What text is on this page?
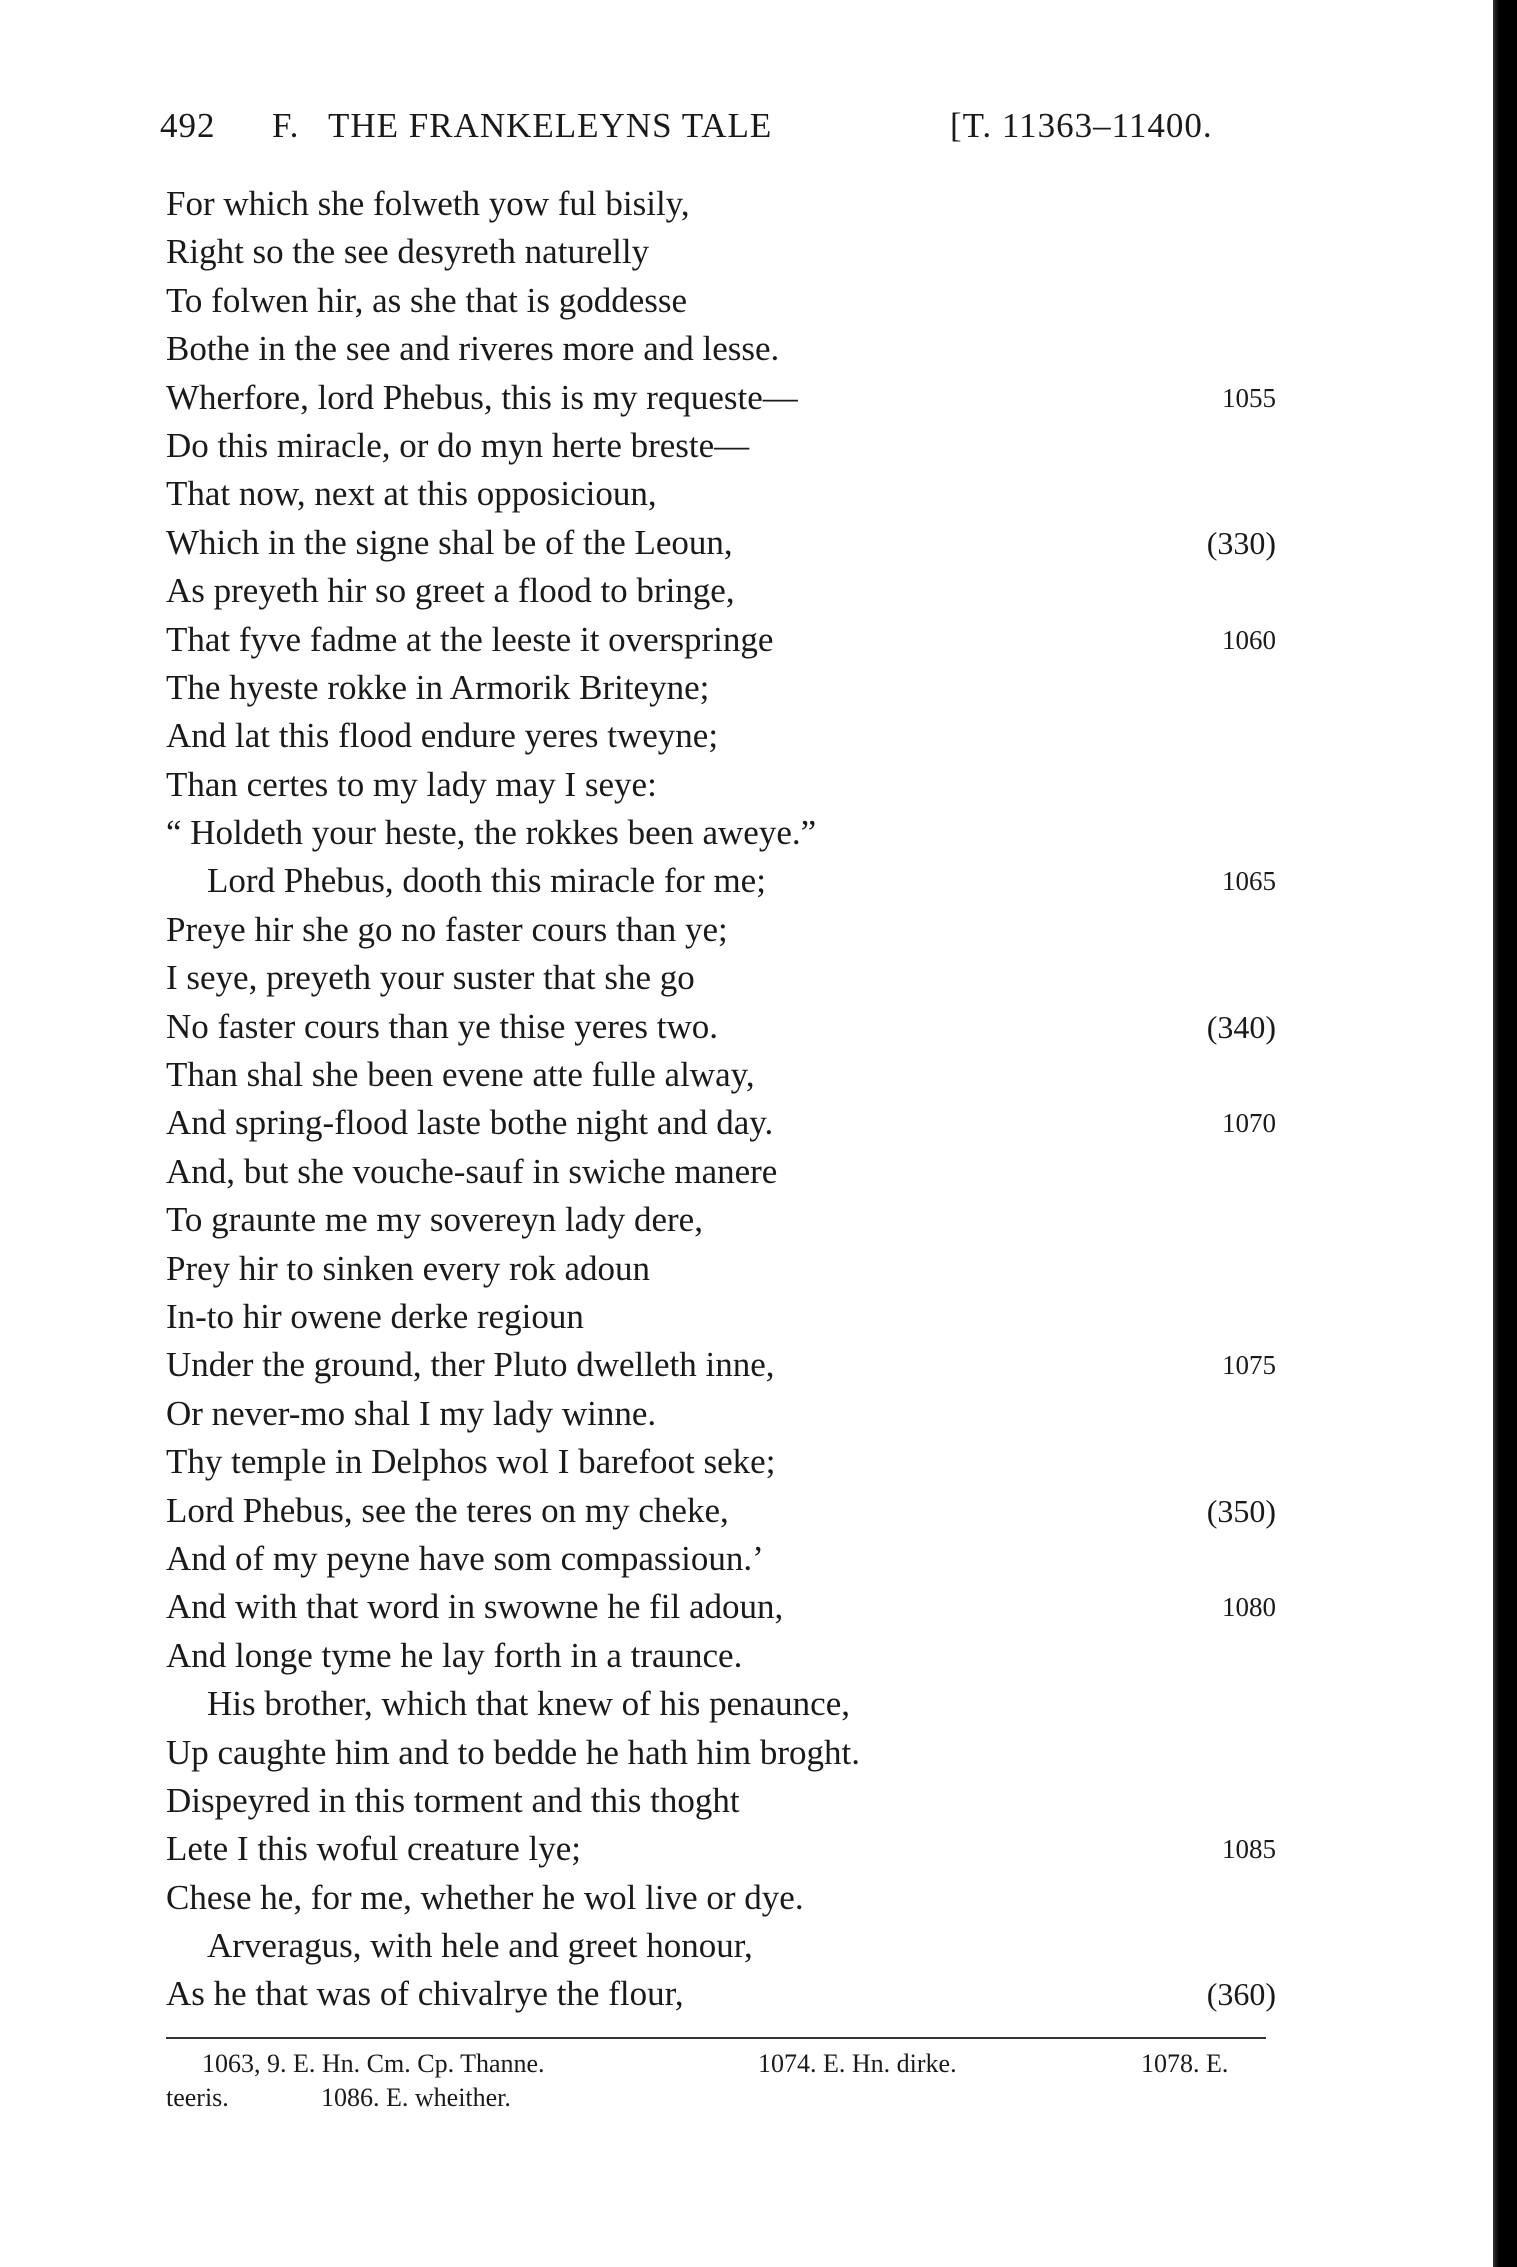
492 F. THE FRANKELEYNS TALE	[T. 11363–11400.
For which she folweth yow ful bisily,
Right so the see desyreth naturelly
To folwen hir, as she that is goddesse
Bothe in the see and riveres more and lesse.
Wherfore, lord Phebus, this is my requeste—	1055
Do this miracle, or do myn herte breste—
That now, next at this opposicioun,
Which in the signe shal be of the Leoun,	(330)
As preyeth hir so greet a flood to bringe,
That fyve fadme at the leeste it overspringe	1060
The hyeste rokke in Armorik Briteyne;
And lat this flood endure yeres tweyne;
Than certes to my lady may I seye:
“ Holdeth your heste, the rokkes been aweye.”
Lord Phebus, dooth this miracle for me;	1065
Preye hir she go no faster cours than ye;
I seye, preyeth your suster that she go
No faster cours than ye thise yeres two.	(340)
Than shal she been evene atte fulle alway,
And spring-flood laste bothe night and day.	1070
And, but she vouche-sauf in swiche manere
To graunte me my sovereyn lady dere,
Prey hir to sinken every rok adoun
In-to hir owene derke regioun
Under the ground, ther Pluto dwelleth inne,	1075
Or never-mo shal I my lady winne.
Thy temple in Delphos wol I barefoot seke;
Lord Phebus, see the teres on my cheke,	(350)
And of my peyne have som compassioun.’
And with that word in swowne he fil adoun,	1080
And longe tyme he lay forth in a traunce.
His brother, which that knew of his penaunce,
Up caughte him and to bedde he hath him broght.
Dispeyred in this torment and this thoght
Lete I this woful creature lye;	1085
Chese he, for me, whether he wol live or dye.
Arveragus, with hele and greet honour,
As he that was of chivalrye the flour,	(360)
1063, 9. E. Hn. Cm. Cp. Thanne.	1074. E. Hn. dirke.	1078. E.
teeris.	1086. E. wheither.
